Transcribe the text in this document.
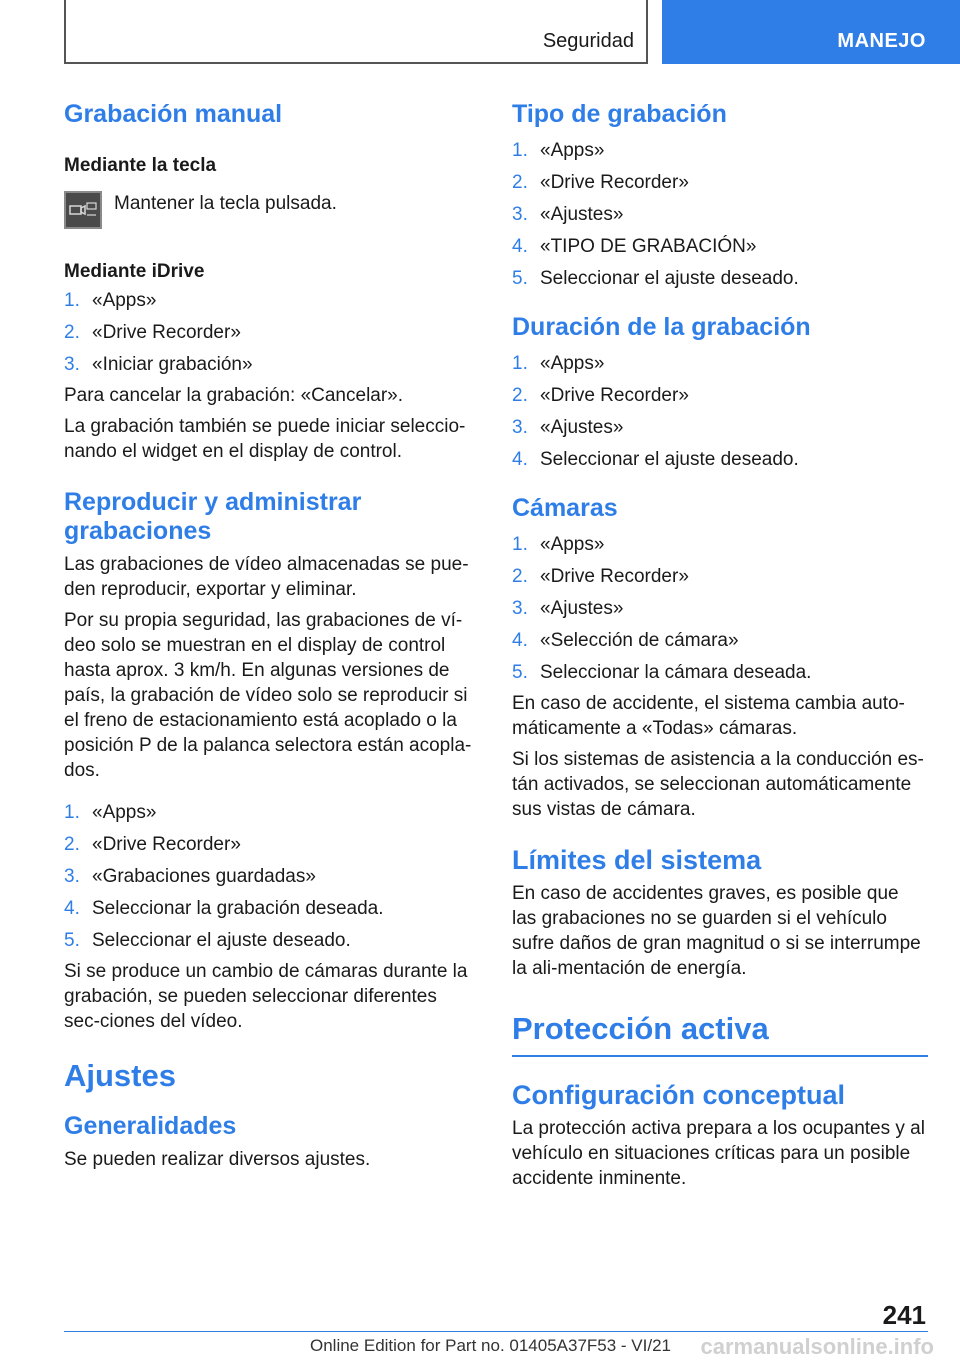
Seguridad	MANEJO
Grabación manual
Mediante la tecla

Mantener la tecla pulsada.

Mediante iDrive
1. «Apps»
2. «Drive Recorder»
3. «Iniciar grabación»

Para cancelar la grabación: «Cancelar».

La grabación también se puede iniciar seleccio-nando el widget en el display de control.

Reproducir y administrar grabaciones

Las grabaciones de vídeo almacenadas se pue-den reproducir, exportar y eliminar.

Por su propia seguridad, las grabaciones de ví-deo solo se muestran en el display de control hasta aprox. 3 km/h. En algunas versiones de país, la grabación de vídeo solo se reproducir si el freno de estacionamiento está acoplado o la posición P de la palanca selectora están acopla-dos.

1. «Apps»
2. «Drive Recorder»
3. «Grabaciones guardadas»
4. Seleccionar la grabación deseada.
5. Seleccionar el ajuste deseado.

Si se produce un cambio de cámaras durante la grabación, se pueden seleccionar diferentes sec-ciones del vídeo.

Ajustes
Generalidades

Se pueden realizar diversos ajustes.

Tipo de grabación
1. «Apps»
2. «Drive Recorder»
3. «Ajustes»
4. «TIPO DE GRABACIÓN»
5. Seleccionar el ajuste deseado.
Duración de la grabación
1. «Apps»
2. «Drive Recorder»
3. «Ajustes»
4. Seleccionar el ajuste deseado.
Cámaras
1. «Apps»
2. «Drive Recorder»
3. «Ajustes»
4. «Selección de cámara»
5. Seleccionar la cámara deseada.

En caso de accidente, el sistema cambia auto-máticamente a «Todas» cámaras.

Si los sistemas de asistencia a la conducción es-tán activados, se seleccionan automáticamente sus vistas de cámara.

Límites del sistema

En caso de accidentes graves, es posible que las grabaciones no se guarden si el vehículo sufre daños de gran magnitud o si se interrumpe la ali-mentación de energía.

Protección activa
Configuración conceptual

La protección activa prepara a los ocupantes y al vehículo en situaciones críticas para un posible accidente inminente.

241
Online Edition for Part no. 01405A37F53 - VI/21 carmanualsonline.info
